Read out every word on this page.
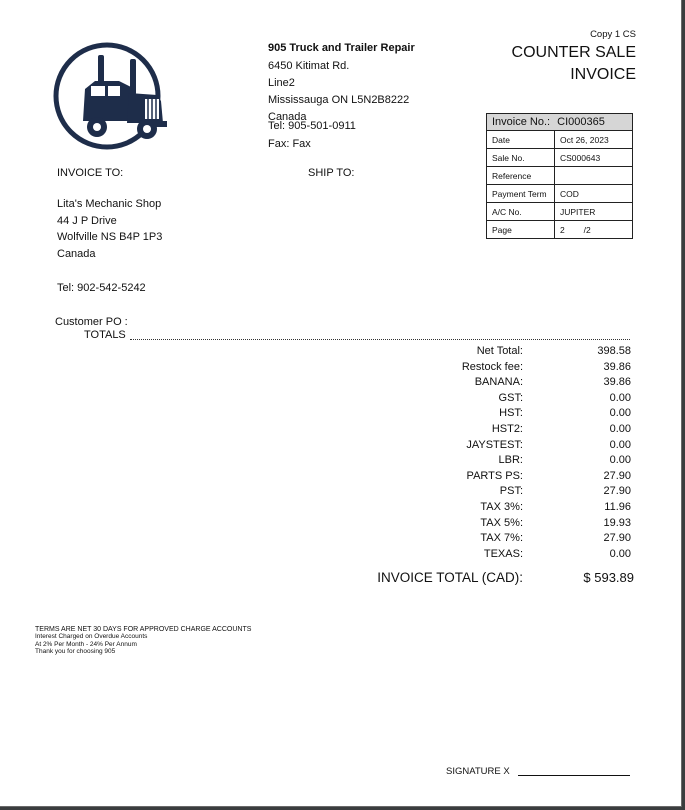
905 Truck and Trailer Repair
6450 Kitimat Rd.
Line2
Mississauga ON L5N2B8222
Canada
Tel: 905-501-0911
Fax: Fax
Copy 1 CS
COUNTER SALE
INVOICE
Invoice No.: CI000365	
Date	Oct 26, 2023
Sale No.	CS000643
Reference	
Payment Term	COD
A/C No.	JUPITER
Page	2        /2
INVOICE TO:	SHIP TO:
Lita's Mechanic Shop
44 J P Drive
Wolfville NS B4P 1P3
Canada
Tel: 902-542-5242
Customer PO :
TOTALS
Net Total:	398.58
Restock fee:	39.86
BANANA:	39.86
GST:	0.00
HST:	0.00
HST2:	0.00
JAYSTEST:	0.00
LBR:	0.00
PARTS PS:	27.90
PST:	27.90
TAX 3%:	11.96
TAX 5%:	19.93
TAX 7%:	27.90
TEXAS:	0.00
INVOICE TOTAL (CAD):	$ 593.89
TERMS ARE NET 30 DAYS FOR APPROVED CHARGE ACCOUNTS
Interest Charged on Overdue Accounts
At 2% Per Month - 24% Per Annum
Thank you for choosing 905
SIGNATURE X
